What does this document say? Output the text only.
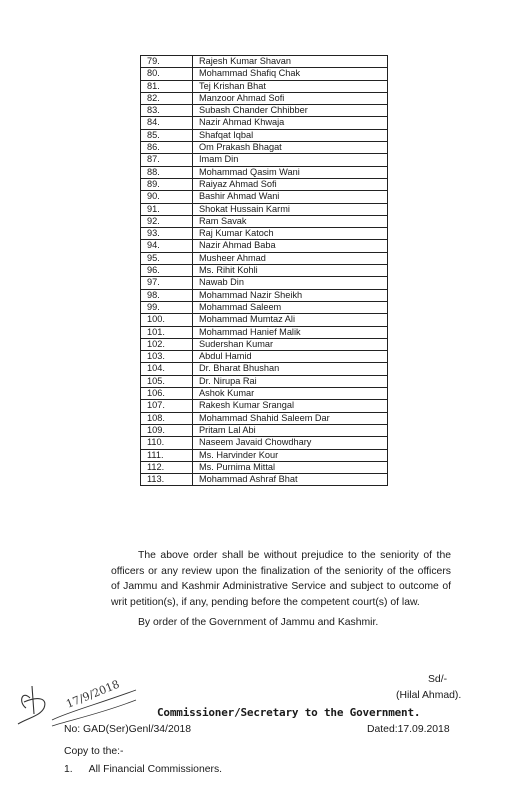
79.	Rajesh Kumar Shavan
80.	Mohammad Shafiq Chak
81.	Tej Krishan Bhat
82.	Manzoor Ahmad Sofi
83.	Subash Chander Chhibber
84.	Nazir Ahmad Khwaja
85.	Shafqat Iqbal
86.	Om Prakash Bhagat
87.	Imam Din
88.	Mohammad Qasim Wani
89.	Raiyaz Ahmad Sofi
90.	Bashir Ahmad Wani
91.	Shokat Hussain Karmi
92.	Ram Savak
93.	Raj Kumar Katoch
94.	Nazir Ahmad Baba
95.	Musheer Ahmad
96.	Ms. Rihit Kohli
97.	Nawab Din
98.	Mohammad Nazir Sheikh
99.	Mohammad Saleem
100.	Mohammad Mumtaz Ali
101.	Mohammad Hanief Malik
102.	Sudershan Kumar
103.	Abdul Hamid
104.	Dr. Bharat Bhushan
105.	Dr. Nirupa Rai
106.	Ashok Kumar
107.	Rakesh Kumar Srangal
108.	Mohammad Shahid Saleem Dar
109.	Pritam Lal Abi
110.	Naseem Javaid Chowdhary
111.	Ms. Harvinder Kour
112.	Ms. Purnima Mittal
113.	Mohammad Ashraf Bhat

The above order shall be without prejudice to the seniority of the officers or any review upon the finalization of the seniority of the officers of Jammu and Kashmir Administrative Service and subject to outcome of writ petition(s), if any, pending before the competent court(s) of law.

By order of the Government of Jammu and Kashmir.
17/9/2018	Sd/-
(Hilal Ahmad).
Commissioner/Secretary to the Government.
No: GAD(Ser)Genl/34/2018	Dated:17.09.2018
Copy to the:-
1. All Financial Commissioners.
